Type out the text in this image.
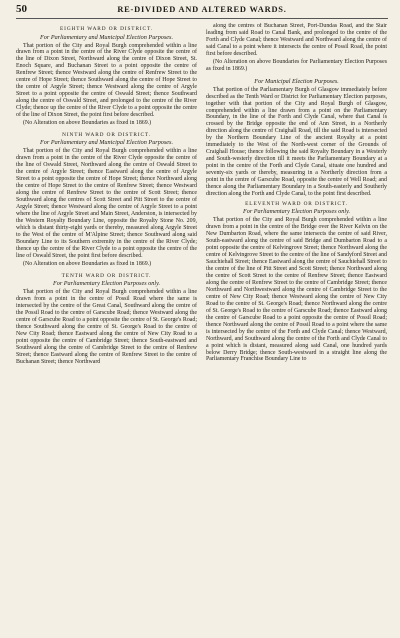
50	RE-DIVIDED AND ALTERED WARDS.
EIGHTH WARD OR DISTRICT.
For Parliamentary and Municipal Election Purposes.

That portion of the City and Royal Burgh comprehended within a line drawn from a point in the centre of the River Clyde opposite the centre of the line of Dixon Street, Northward along the centre of Dixon Street, St. Enoch Square, and Buchanan Street to a point opposite the centre of Renfrew Street; thence Westward along the centre of Renfrew Street to the centre of Hope Street; thence Southward along the centre of Hope Street to the centre of Argyle Street; thence Westward along the centre of Argyle Street to a point opposite the centre of Oswald Street; thence Southward along the centre of Oswald Street, and prolonged to the centre of the River Clyde; thence up the centre of the River Clyde to a point opposite the centre of the line of Dixon Street, the point first before described.

(No Alteration on above Boundaries as fixed in 1869.)

NINTH WARD OR DISTRICT.
For Parliamentary and Municipal Election Purposes.

That portion of the City and Royal Burgh comprehended within a line drawn from a point in the centre of the River Clyde opposite the centre of the line of Oswald Street, Northward along the centre of Oswald Street to the centre of Argyle Street; thence Eastward along the centre of Argyle Street to a point opposite the centre of Hope Street; thence Northward along the centre of Hope Street to the centre of Renfrew Street; thence Westward along the centre of Renfrew Street to the centre of Scott Street; thence Southward along the centres of Scott Street and Pitt Street to the centre of Argyle Street; thence Westward along the centre of Argyle Street to a point where the line of Argyle Street and Main Street, Anderston, is intersected by the Western Royalty Boundary Line, opposite the Royalty Stone No. 209, which is distant thirty-eight yards or thereby, measured along Argyle Street to the West of the centre of M'Alpine Street; thence Southward along said Boundary Line to its Southern extremity in the centre of the River Clyde; thence up the centre of the River Clyde to a point opposite the centre of the line of Oswald Street, the point first before described.

(No Alteration on above Boundaries as fixed in 1869.)

TENTH WARD OR DISTRICT.
For Parliamentary Election Purposes only.

That portion of the City and Royal Burgh comprehended within a line drawn from a point in the centre of Possil Road where the same is intersected by the centre of the Great Canal, Southward along the centre of the Possil Road to the centre of Garscube Road; thence Westward along the centre of Garscube Road to a point opposite the centre of St. George's Road; thence Southward along the centre of St. George's Road to the centre of New City Road; thence Eastward along the centre of New City Road to a point opposite the centre of Cambridge Street; thence South-eastward and Southward along the centre of Cambridge Street to the centre of Renfrew Street; thence Eastward along the centre of Renfrew Street to the centre of Buchanan Street; thence Northward

along the centres of Buchanan Street, Port-Dundas Road, and the Stair leading from said Road to Canal Bank, and prolonged to the centre of the Forth and Clyde Canal; thence Westward and Northward along the centre of said Canal to a point where it intersects the centre of Possil Road, the point first before described.

(No Alteration on above Boundaries for Parliamentary Election Purposes as fixed in 1869.)

For Municipal Election Purposes.

That portion of the Parliamentary Burgh of Glasgow immediately before described as the Tenth Ward or District for Parliamentary Election purposes, together with that portion of the City and Royal Burgh of Glasgow, comprehended within a line drawn from a point on the Parliamentary Boundary, in the line of the Forth and Clyde Canal, where that Canal is crossed by the Bridge opposite the end of Ann Street, in a Northerly direction along the centre of Craighall Road, till the said Road is intersected by the Northern Boundary Line of the ancient Royalty at a point immediately to the West of the North-west corner of the Grounds of Craighall House; thence following the said Royalty Boundary in a Westerly and South-westerly direction till it meets the Parliamentary Boundary at a point in the centre of the Forth and Clyde Canal, situate one hundred and seventy-six yards or thereby, measuring in a Northerly direction from a point in the centre of Garscube Road, opposite the centre of Well Road; and thence along the Parliamentary Boundary in a South-easterly and Southerly direction along the Forth and Clyde Canal, to the point first described.

ELEVENTH WARD OR DISTRICT.
For Parliamentary Election Purposes only.

That portion of the City and Royal Burgh comprehended within a line drawn from a point in the centre of the Bridge over the River Kelvin on the New Dumbarton Road, where the same intersects the centre of said River, South-eastward along the centre of said Bridge and Dumbarton Road to a point opposite the centre of Kelvingrove Street; thence Northward along the centre of Kelvingrove Street to the centre of the line of Sandyford Street and Sauchiehall Street; thence Eastward along the centre of Sauchiehall Street to the centre of the line of Pitt Street and Scott Street; thence Northward along the centre of Scott Street to the centre of Renfrew Street; thence Eastward along the centre of Renfrew Street to the centre of Cambridge Street; thence Northward and Northwestward along the centre of Cambridge Street to the centre of New City Road; thence Westward along the centre of New City Road to the centre of St. George's Road; thence Northward along the centre of St. George's Road to the centre of Garscube Road; thence Eastward along the centre of Garscube Road to a point opposite the centre of Possil Road; thence Northward along the centre of Possil Road to a point where the same is intersected by the centre of the Forth and Clyde Canal; thence Westward, Northward, and Southward along the centre of the Forth and Clyde Canal to a point which is distant, measured along said Canal, one hundred yards below Derry Bridge; thence South-westward in a straight line along the Parliamentary Franchise Boundary Line to
